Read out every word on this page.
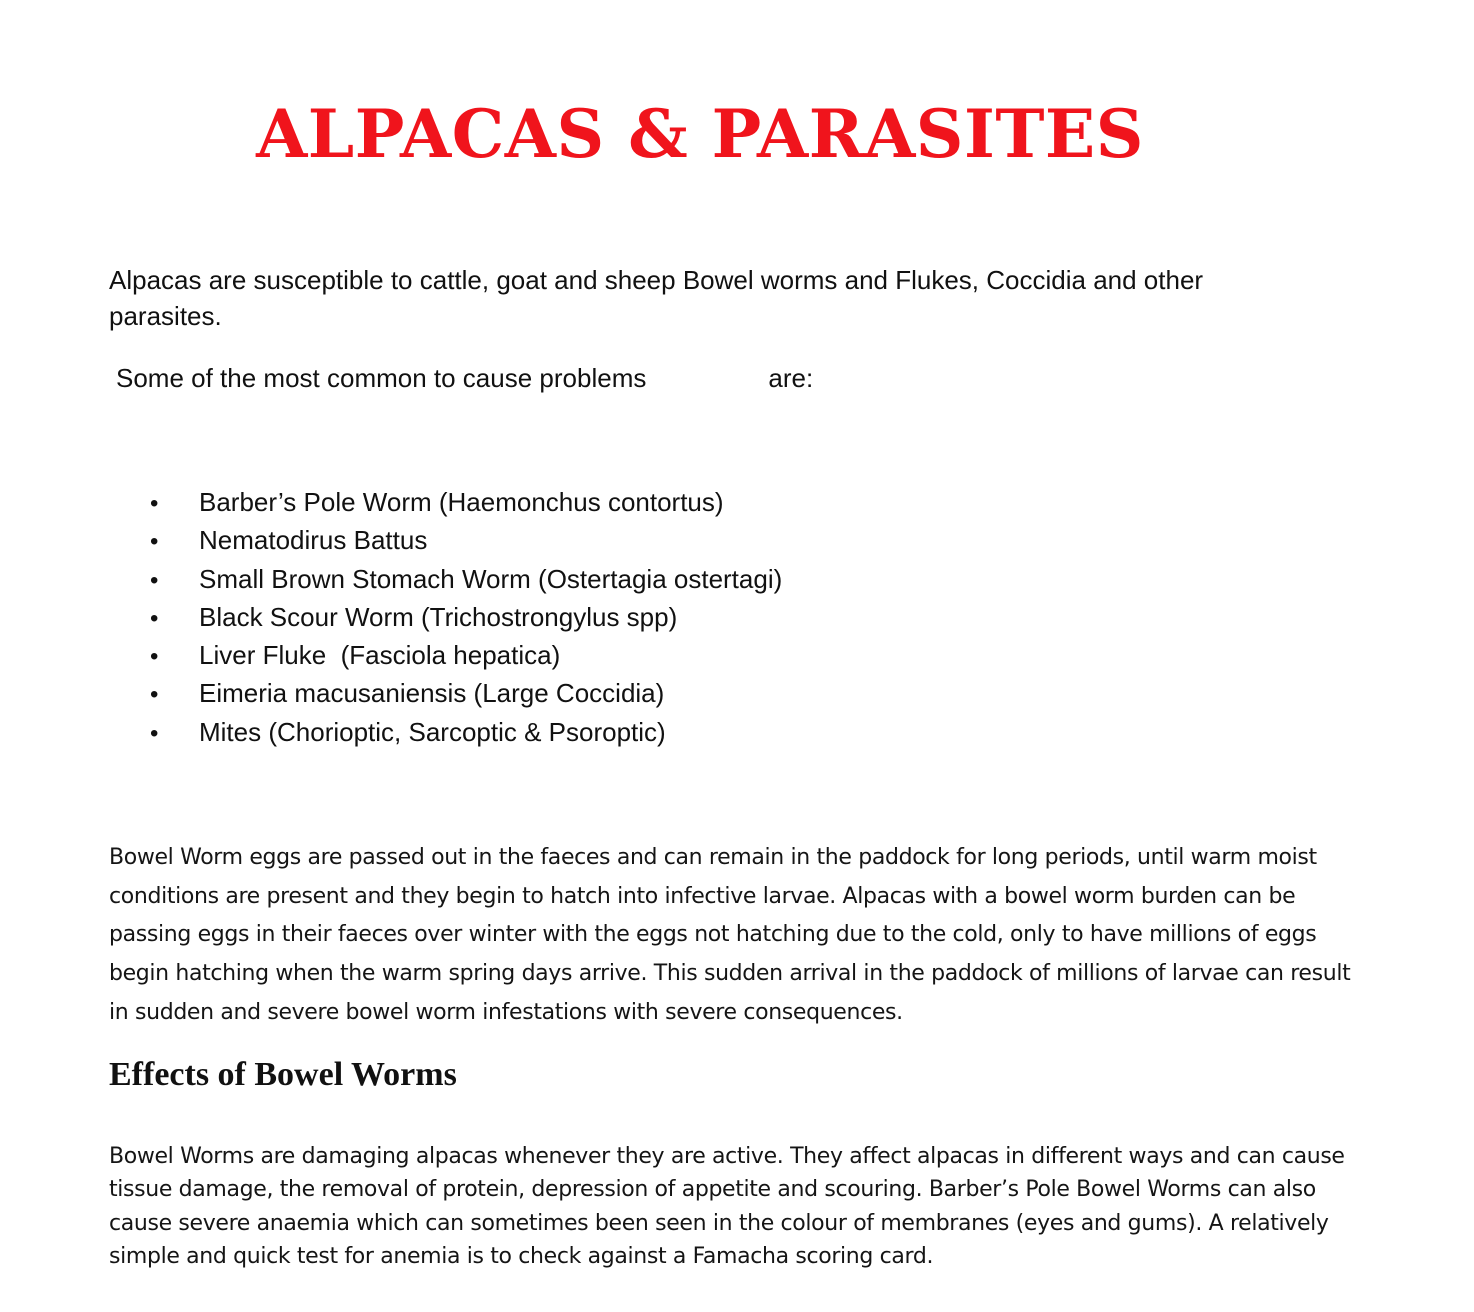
ALPACAS & PARASITES

Alpacas are susceptible to cattle, goat and sheep Bowel worms and Flukes, Coccidia and other parasites.

Some of the most common to cause problems	are:

• Barber’s Pole Worm (Haemonchus contortus)
• Nematodirus Battus
• Small Brown Stomach Worm (Ostertagia ostertagi)
• Black Scour Worm (Trichostrongylus spp)
• Liver Fluke  (Fasciola hepatica)
• Eimeria macusaniensis (Large Coccidia)
• Mites (Chorioptic, Sarcoptic & Psoroptic)

Bowel Worm eggs are passed out in the faeces and can remain in the paddock for long periods, until warm moist conditions are present and they begin to hatch into infective larvae. Alpacas with a bowel worm burden can be passing eggs in their faeces over winter with the eggs not hatching due to the cold, only to have millions of eggs begin hatching when the warm spring days arrive. This sudden arrival in the paddock of millions of larvae can result in sudden and severe bowel worm infestations with severe consequences.

Effects of Bowel Worms

Bowel Worms are damaging alpacas whenever they are active. They affect alpacas in different ways and can cause tissue damage, the removal of protein, depression of appetite and scouring. Barber’s Pole Bowel Worms can also cause severe anaemia which can sometimes been seen in the colour of membranes (eyes and gums). A relatively simple and quick test for anemia is to check against a Famacha scoring card.
